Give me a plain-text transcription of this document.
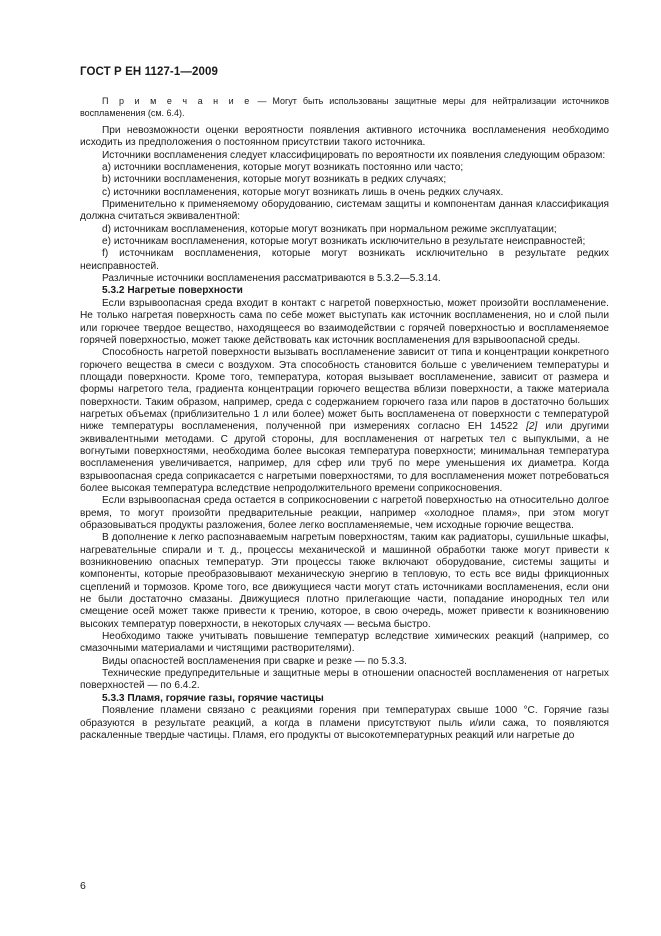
ГОСТ Р ЕН 1127-1—2009

П р и м е ч а н и е — Могут быть использованы защитные меры для нейтрализации источников воспламенения (см. 6.4).

При невозможности оценки вероятности появления активного источника воспламенения необходимо исходить из предположения о постоянном присутствии такого источника.

Источники воспламенения следует классифицировать по вероятности их появления следующим образом:

a) источники воспламенения, которые могут возникать постоянно или часто;

b) источники воспламенения, которые могут возникать в редких случаях;

c) источники воспламенения, которые могут возникать лишь в очень редких случаях.

Применительно к применяемому оборудованию, системам защиты и компонентам данная классификация должна считаться эквивалентной:

d) источникам воспламенения, которые могут возникать при нормальном режиме эксплуатации;

e) источникам воспламенения, которые могут возникать исключительно в результате неисправностей;

f) источникам воспламенения, которые могут возникать исключительно в результате редких неисправностей.

Различные источники воспламенения рассматриваются в 5.3.2—5.3.14.

5.3.2 Нагретые поверхности

Если взрывоопасная среда входит в контакт с нагретой поверхностью, может произойти воспламенение. Не только нагретая поверхность сама по себе может выступать как источник воспламенения, но и слой пыли или горючее твердое вещество, находящееся во взаимодействии с горячей поверхностью и воспламеняемое горячей поверхностью, может также действовать как источник воспламенения для взрывоопасной среды.

Способность нагретой поверхности вызывать воспламенение зависит от типа и концентрации конкретного горючего вещества в смеси с воздухом. Эта способность становится больше с увеличением температуры и площади поверхности. Кроме того, температура, которая вызывает воспламенение, зависит от размера и формы нагретого тела, градиента концентрации горючего вещества вблизи поверхности, а также материала поверхности. Таким образом, например, среда с содержанием горючего газа или паров в достаточно больших нагретых объемах (приблизительно 1 л или более) может быть воспламенена от поверхности с температурой ниже температуры воспламенения, полученной при измерениях согласно ЕН 14522 [2] или другими эквивалентными методами. С другой стороны, для воспламенения от нагретых тел с выпуклыми, а не вогнутыми поверхностями, необходима более высокая температура поверхности; минимальная температура воспламенения увеличивается, например, для сфер или труб по мере уменьшения их диаметра. Когда взрывоопасная среда соприкасается с нагретыми поверхностями, то для воспламенения может потребоваться более высокая температура вследствие непродолжительного времени соприкосновения.

Если взрывоопасная среда остается в соприкосновении с нагретой поверхностью на относительно долгое время, то могут произойти предварительные реакции, например «холодное пламя», при этом могут образовываться продукты разложения, более легко воспламеняемые, чем исходные горючие вещества.

В дополнение к легко распознаваемым нагретым поверхностям, таким как радиаторы, сушильные шкафы, нагревательные спирали и т. д., процессы механической и машинной обработки также могут привести к возникновению опасных температур. Эти процессы также включают оборудование, системы защиты и компоненты, которые преобразовывают механическую энергию в тепловую, то есть все виды фрикционных сцеплений и тормозов. Кроме того, все движущиеся части могут стать источниками воспламенения, если они не были достаточно смазаны. Движущиеся плотно прилегающие части, попадание инородных тел или смещение осей может также привести к трению, которое, в свою очередь, может привести к возникновению высоких температур поверхности, в некоторых случаях — весьма быстро.

Необходимо также учитывать повышение температур вследствие химических реакций (например, со смазочными материалами и чистящими растворителями).

Виды опасностей воспламенения при сварке и резке — по 5.3.3.

Технические предупредительные и защитные меры в отношении опасностей воспламенения от нагретых поверхностей — по 6.4.2.

5.3.3 Пламя, горячие газы, горячие частицы

Появление пламени связано с реакциями горения при температурах свыше 1000 °C. Горячие газы образуются в результате реакций, а когда в пламени присутствуют пыль и/или сажа, то появляются раскаленные твердые частицы. Пламя, его продукты от высокотемпературных реакций или нагретые до

6
